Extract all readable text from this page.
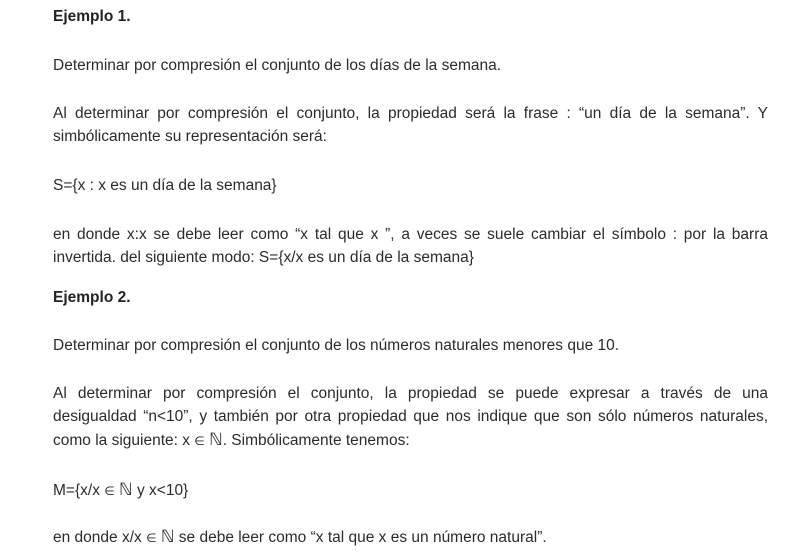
Ejemplo 1.
Determinar por compresión el conjunto de los días de la semana.
Al determinar por compresión el conjunto, la propiedad será la frase : “un día de la semana”. Y
simbólicamente su representación será:
S={x : x es un día de la semana}
en donde x:x se debe leer como “x tal que x ”, a veces se suele cambiar el símbolo : por la barra
invertida. del siguiente modo: S={x/x es un día de la semana}
Ejemplo 2.
Determinar por compresión el conjunto de los números naturales menores que 10.
Al determinar por compresión el conjunto, la propiedad se puede expresar a través de una
desigualdad “n<10”, y también por otra propiedad que nos indique que son sólo números naturales,
como la siguiente: x ∈ ℕ. Simbólicamente tenemos:
M={x/x ∈ ℕ y x<10}
en donde x/x ∈ ℕ se debe leer como “x tal que x es un número natural”.
